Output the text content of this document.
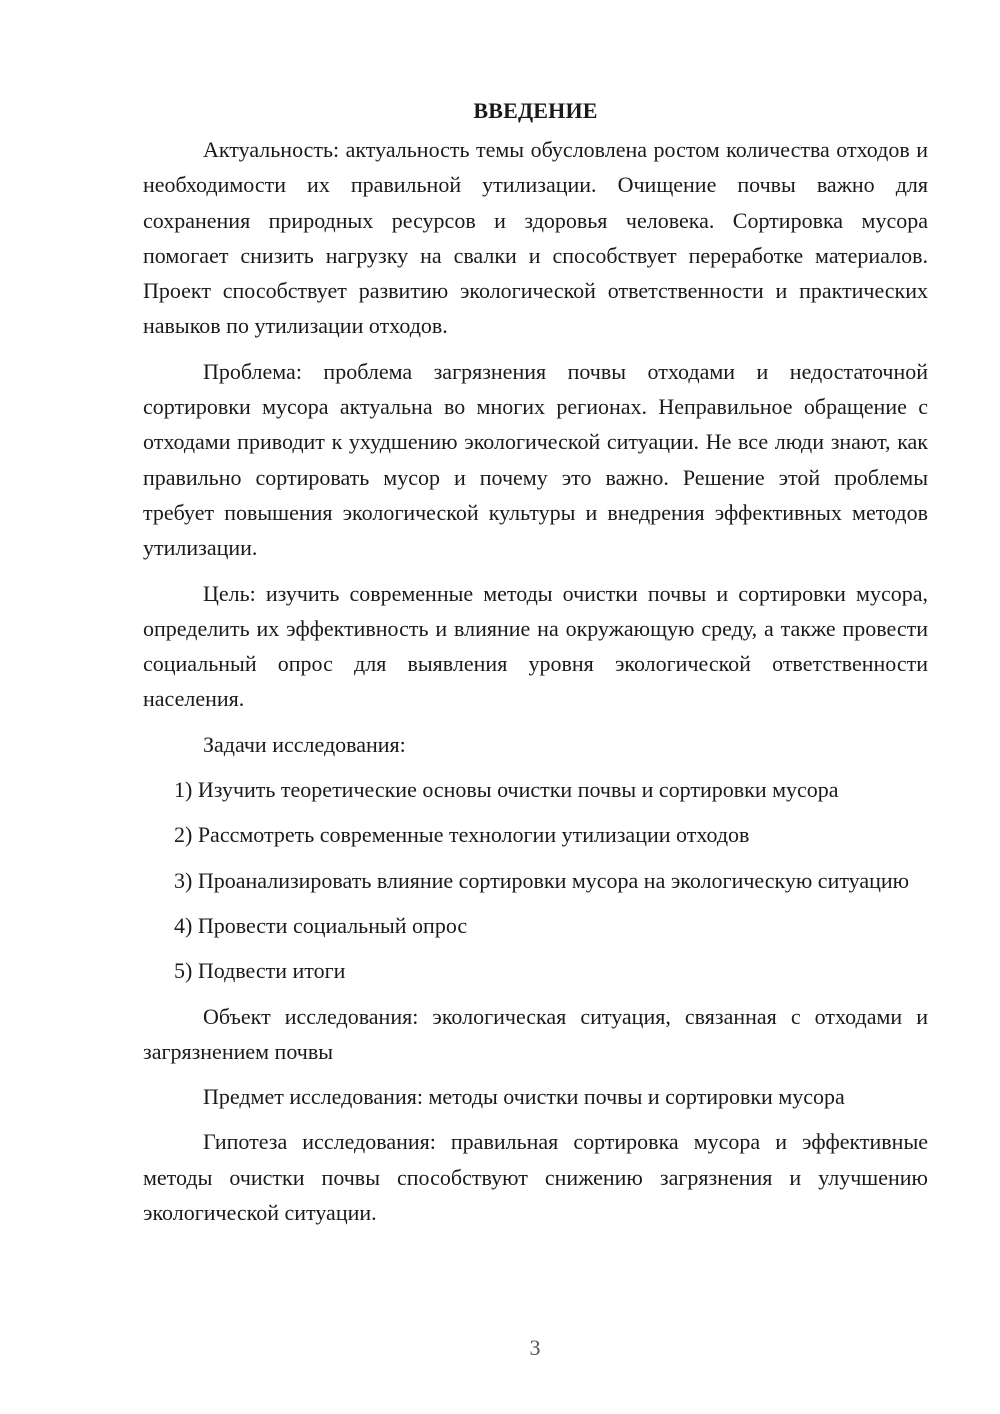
ВВЕДЕНИЕ

Актуальность: актуальность темы обусловлена ростом количества отходов и необходимости их правильной утилизации. Очищение почвы важно для сохранения природных ресурсов и здоровья человека. Сортировка мусора помогает снизить нагрузку на свалки и способствует переработке материалов. Проект способствует развитию экологической ответственности и практических навыков по утилизации отходов.

Проблема: проблема загрязнения почвы отходами и недостаточной сортировки мусора актуальна во многих регионах. Неправильное обращение с отходами приводит к ухудшению экологической ситуации. Не все люди знают, как правильно сортировать мусор и почему это важно. Решение этой проблемы требует повышения экологической культуры и внедрения эффективных методов утилизации.

Цель: изучить современные методы очистки почвы и сортировки мусора, определить их эффективность и влияние на окружающую среду, а также провести социальный опрос для выявления уровня экологической ответственности населения.

Задачи исследования:

1) Изучить теоретические основы очистки почвы и сортировки мусора

2) Рассмотреть современные технологии утилизации отходов

3) Проанализировать влияние сортировки мусора на экологическую ситуацию

4) Провести социальный опрос

5) Подвести итоги

Объект исследования: экологическая ситуация, связанная с отходами и загрязнением почвы

Предмет исследования: методы очистки почвы и сортировки мусора

Гипотеза исследования: правильная сортировка мусора и эффективные методы очистки почвы способствуют снижению загрязнения и улучшению экологической ситуации.

3
